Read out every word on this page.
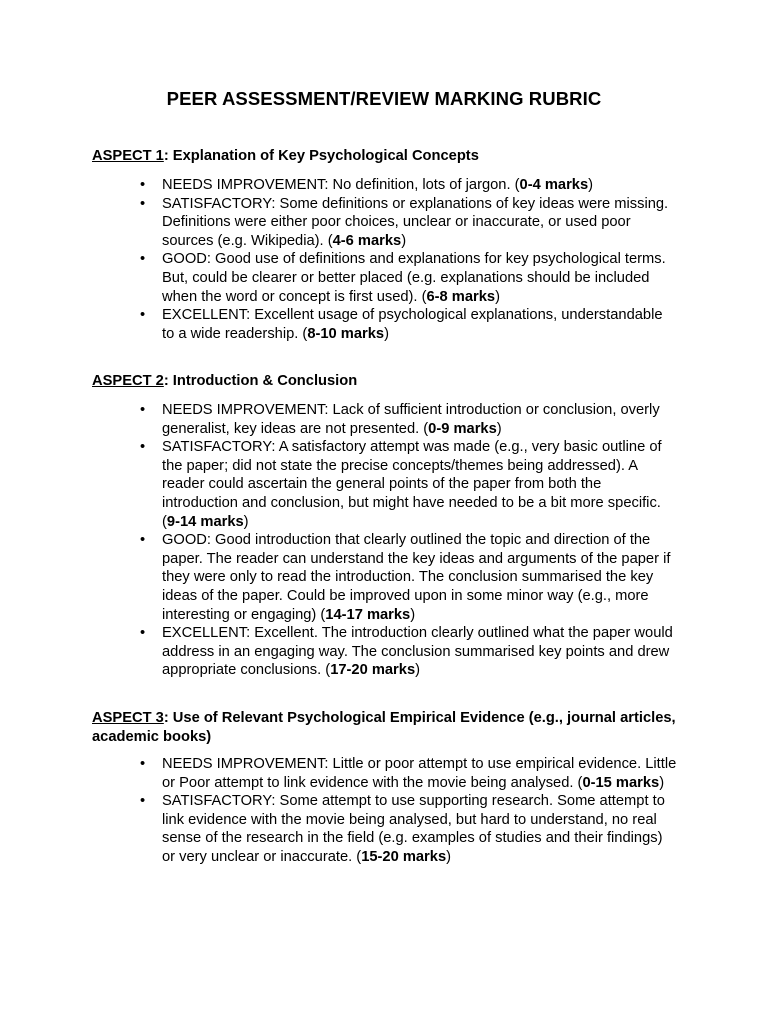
PEER ASSESSMENT/REVIEW MARKING RUBRIC

ASPECT 1: Explanation of Key Psychological Concepts

• NEEDS IMPROVEMENT: No definition, lots of jargon. (0-4 marks)
• SATISFACTORY: Some definitions or explanations of key ideas were missing. Definitions were either poor choices, unclear or inaccurate, or used poor sources (e.g. Wikipedia). (4-6 marks)
• GOOD: Good use of definitions and explanations for key psychological terms. But, could be clearer or better placed (e.g. explanations should be included when the word or concept is first used). (6-8 marks)
• EXCELLENT: Excellent usage of psychological explanations, understandable to a wide readership. (8-10 marks)

ASPECT 2: Introduction & Conclusion

• NEEDS IMPROVEMENT: Lack of sufficient introduction or conclusion, overly generalist, key ideas are not presented. (0-9 marks)
• SATISFACTORY: A satisfactory attempt was made (e.g., very basic outline of the paper; did not state the precise concepts/themes being addressed). A reader could ascertain the general points of the paper from both the introduction and conclusion, but might have needed to be a bit more specific. (9-14 marks)
• GOOD: Good introduction that clearly outlined the topic and direction of the paper. The reader can understand the key ideas and arguments of the paper if they were only to read the introduction. The conclusion summarised the key ideas of the paper. Could be improved upon in some minor way (e.g., more interesting or engaging) (14-17 marks)
• EXCELLENT: Excellent. The introduction clearly outlined what the paper would address in an engaging way. The conclusion summarised key points and drew appropriate conclusions. (17-20 marks)

ASPECT 3: Use of Relevant Psychological Empirical Evidence (e.g., journal articles, academic books)

• NEEDS IMPROVEMENT: Little or poor attempt to use empirical evidence. Little or Poor attempt to link evidence with the movie being analysed. (0-15 marks)
• SATISFACTORY: Some attempt to use supporting research. Some attempt to link evidence with the movie being analysed, but hard to understand, no real sense of the research in the field (e.g. examples of studies and their findings) or very unclear or inaccurate. (15-20 marks)
